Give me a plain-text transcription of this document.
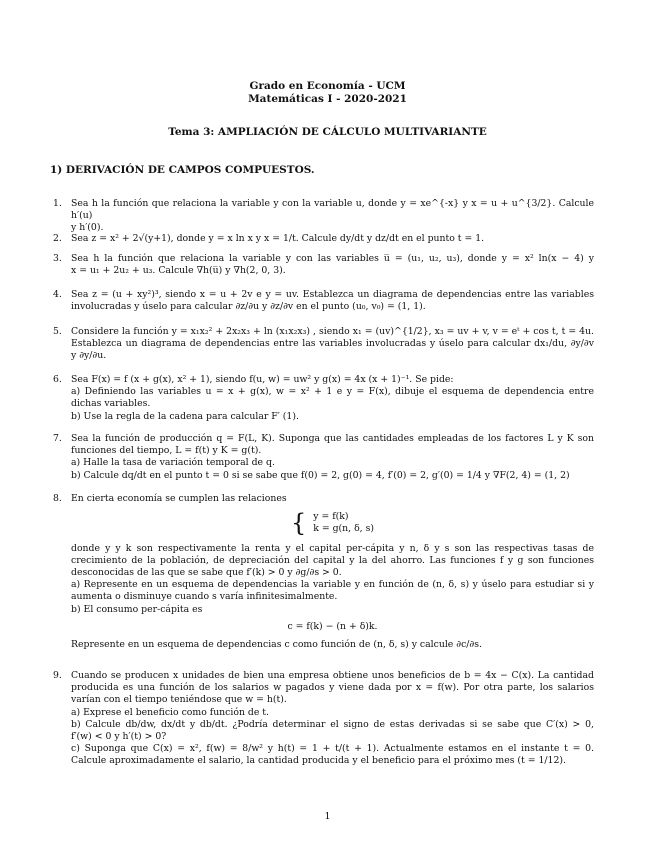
Grado en Economía - UCM
Matemáticas I - 2020-2021
Tema 3: AMPLIACIÓN DE CÁLCULO MULTIVARIANTE
1) DERIVACIÓN DE CAMPOS COMPUESTOS.
1. Sea h la función que relaciona la variable y con la variable u, donde y = xe^{-x} y x = u + u^{3/2}. Calcule h′(u)
y h′(0).
2. Sea z = x² + 2√(y+1), donde y = x ln x y x = 1/t. Calcule dy/dt y dz/dt en el punto t = 1.
3. Sea h la función que relaciona la variable y con las variables u̅ = (u₁, u₂, u₃), donde y = x² ln(x − 4) y
x = u₁ + 2u₂ + u₃. Calcule ∇h(u̅) y ∇h(2, 0, 3).
4. Sea z = (u + xy²)³, siendo x = u + 2v e y = uv. Establezca un diagrama de dependencias entre las variables
involucradas y úselo para calcular ∂z/∂u y ∂z/∂v en el punto (u₀, v₀) = (1, 1).
5. Considere la función y = x₁x₂² + 2x₂x₃ + ln (x₁x₂x₃) , siendo x₁ = (uv)^{1/2}, x₃ = uv + v, v = eᵗ + cos t, t = 4u.
Establezca un diagrama de dependencias entre las variables involucradas y úselo para calcular dx₁/du, ∂y/∂v
y ∂y/∂u.
6. Sea F(x) = f (x + g(x), x² + 1), siendo f(u, w) = uw² y g(x) = 4x (x + 1)⁻¹. Se pide:
a) Definiendo las variables u = x + g(x), w = x² + 1 e y = F(x), dibuje el esquema de dependencia entre
dichas variables.
b) Use la regla de la cadena para calcular F′ (1).
7. Sea la función de producción q = F(L, K). Suponga que las cantidades empleadas de los factores L y K son
funciones del tiempo, L = f(t) y K = g(t).
a) Halle la tasa de variación temporal de q.
b) Calcule dq/dt en el punto t = 0 si se sabe que f(0) = 2, g(0) = 4, f′(0) = 2, g′(0) = 1/4 y ∇F(2, 4) = (1, 2)
8. En cierta economía se cumplen las relaciones
{ y = f(k)
k = g(n, δ, s)
donde y y k son respectivamente la renta y el capital per-cápita y n, δ y s son las respectivas tasas de
crecimiento de la población, de depreciación del capital y la del ahorro. Las funciones f y g son funciones
desconocidas de las que se sabe que f′(k) > 0 y ∂g/∂s > 0.
a) Represente en un esquema de dependencias la variable y en función de (n, δ, s) y úselo para estudiar si y
aumenta o disminuye cuando s varía infinitesimalmente.
b) El consumo per-cápita es
c = f(k) − (n + δ)k.
Represente en un esquema de dependencias c como función de (n, δ, s) y calcule ∂c/∂s.
9. Cuando se producen x unidades de bien una empresa obtiene unos beneficios de b = 4x − C(x). La cantidad
producida es una función de los salarios w pagados y viene dada por x = f(w). Por otra parte, los salarios
varían con el tiempo teniéndose que w = h(t).
a) Exprese el beneficio como función de t.
b) Calcule db/dw, dx/dt y db/dt. ¿Podría determinar el signo de estas derivadas si se sabe que C′(x) > 0,
f′(w) < 0 y h′(t) > 0?
c) Suponga que C(x) = x², f(w) = 8/w² y h(t) = 1 + t/(t + 1). Actualmente estamos en el instante t = 0.
Calcule aproximadamente el salario, la cantidad producida y el beneficio para el próximo mes (t = 1/12).
1
